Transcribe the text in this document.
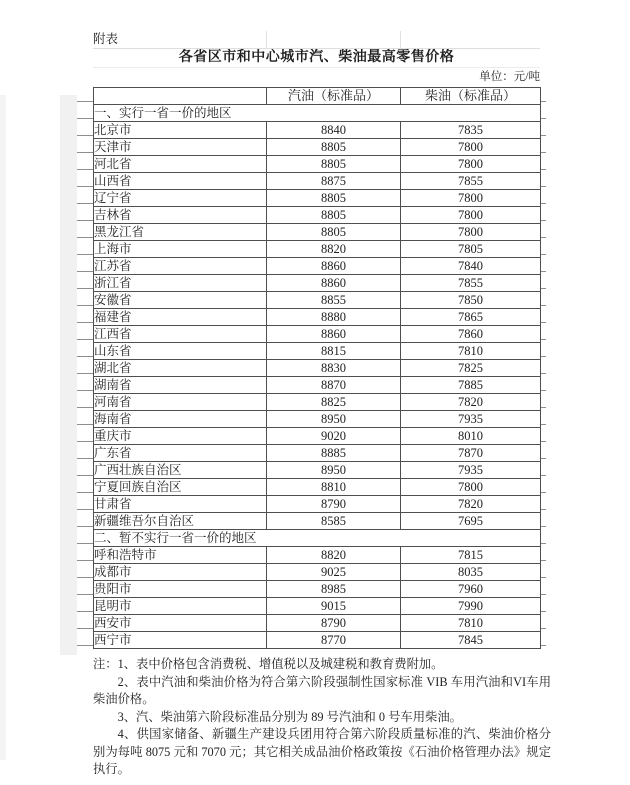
附表
各省区市和中心城市汽、柴油最高零售价格
单位：元/吨
	汽油（标准品）	柴油（标准品）
一、实行一省一价的地区		
北京市	8840	7835
天津市	8805	7800
河北省	8805	7800
山西省	8875	7855
辽宁省	8805	7800
吉林省	8805	7800
黑龙江省	8805	7800
上海市	8820	7805
江苏省	8860	7840
浙江省	8860	7855
安徽省	8855	7850
福建省	8880	7865
江西省	8860	7860
山东省	8815	7810
湖北省	8830	7825
湖南省	8870	7885
河南省	8825	7820
海南省	8950	7935
重庆市	9020	8010
广东省	8885	7870
广西壮族自治区	8950	7935
宁夏回族自治区	8810	7800
甘肃省	8790	7820
新疆维吾尔自治区	8585	7695
二、暂不实行一省一价的地区		
呼和浩特市	8820	7815
成都市	9025	8035
贵阳市	8985	7960
昆明市	9015	7990
西安市	8790	7810
西宁市	8770	7845

注：1、表中价格包含消费税、增值税以及城建税和教育费附加。

2、表中汽油和柴油价格为符合第六阶段强制性国家标准 VIB 车用汽油和VI车用柴油价格。

3、汽、柴油第六阶段标准品分别为 89 号汽油和 0 号车用柴油。

4、供国家储备、新疆生产建设兵团用符合第六阶段质量标准的汽、柴油价格分别为每吨 8075 元和 7070 元；其它相关成品油价格政策按《石油价格管理办法》规定执行。
